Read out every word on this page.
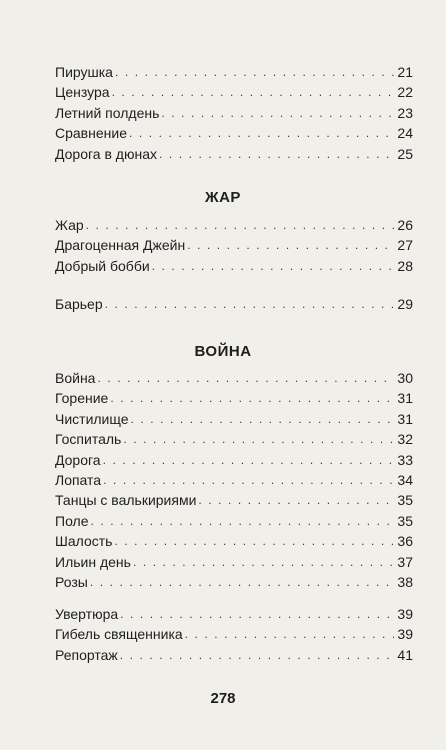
Пирушка . . .	21
Цензура . . .	22
Летний полдень . . .	23
Сравнение . . .	24
Дорога в дюнах . . .	25
ЖАР
Жар . . .	26
Драгоценная Джейн . . .	27
Добрый бобби . . .	28
Барьер . . .	29
ВОЙНА
Война . . .	30
Горение . . .	31
Чистилище . . .	31
Госпиталь . . .	32
Дорога . . .	33
Лопата . . .	34
Танцы с валькириями . . .	35
Поле . . .	35
Шалость . . .	36
Ильин день . . .	37
Розы . . .	38
Увертюра . . .	39
Гибель священника . . .	39
Репортаж . . .	41
278
